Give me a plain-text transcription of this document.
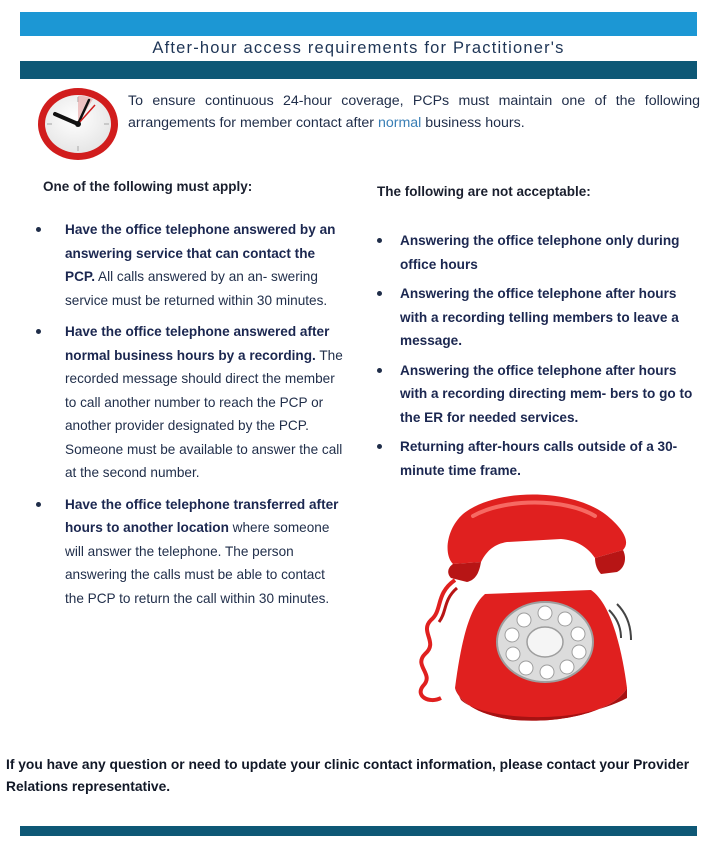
After-hour access requirements for Practitioner's
To ensure continuous 24-hour coverage, PCPs must maintain one of the following arrangements for member contact after normal business hours.
One of the following must apply:	The following are not acceptable:
Have the office telephone answered by an answering service that can contact the PCP. All calls answered by an an- swering service must be returned within 30 minutes.
Have the office telephone answered after normal business hours by a recording. The recorded message should direct the member to call another number to reach the PCP or another provider designated by the PCP. Someone must be available to answer the call at the second number.
Have the office telephone transferred after hours to another location where someone will answer the telephone. The person answering the calls must be able to contact the PCP to return the call within 30 minutes.
Answering the office telephone only during office hours
Answering the office telephone after hours with a recording telling members to leave a message.
Answering the office telephone after hours with a recording directing mem- bers to go to the ER for needed services.
Returning after-hours calls outside of a 30-minute time frame.
If you have any question or need to update your clinic contact information, please contact your Provider Relations representative.
